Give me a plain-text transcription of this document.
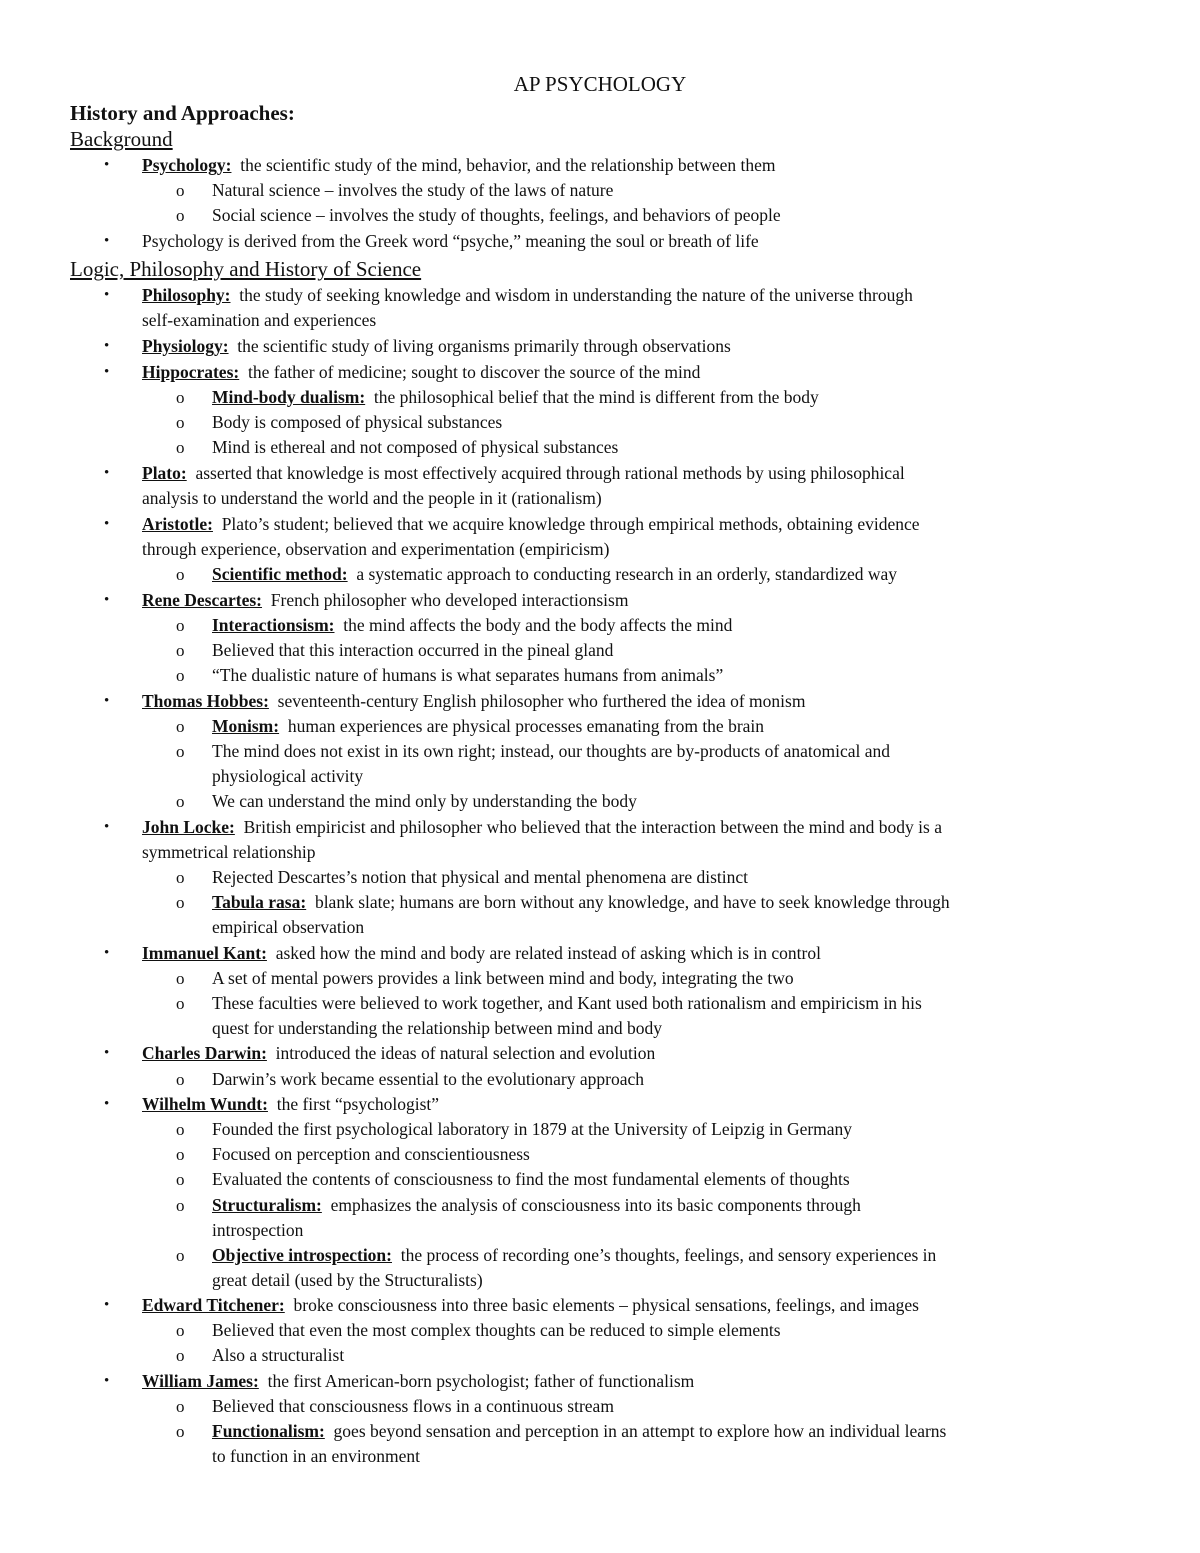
AP PSYCHOLOGY
History and Approaches:
Background
Logic, Philosophy and History of Science
• Psychology: the scientific study of the mind, behavior, and the relationship between them
o Natural science – involves the study of the laws of nature
o Social science – involves the study of thoughts, feelings, and behaviors of people
• Psychology is derived from the Greek word “psyche,” meaning the soul or breath of life
• Philosophy: the study of seeking knowledge and wisdom in understanding the nature of the universe through
self-examination and experiences
• Physiology: the scientific study of living organisms primarily through observations
• Hippocrates: the father of medicine; sought to discover the source of the mind
o Mind-body dualism: the philosophical belief that the mind is different from the body
o Body is composed of physical substances
o Mind is ethereal and not composed of physical substances
• Plato: asserted that knowledge is most effectively acquired through rational methods by using philosophical
analysis to understand the world and the people in it (rationalism)
• Aristotle: Plato’s student; believed that we acquire knowledge through empirical methods, obtaining evidence
through experience, observation and experimentation (empiricism)
o Scientific method: a systematic approach to conducting research in an orderly, standardized way
• Rene Descartes: French philosopher who developed interactionsism
o Interactionsism: the mind affects the body and the body affects the mind
o Believed that this interaction occurred in the pineal gland
o “The dualistic nature of humans is what separates humans from animals”
• Thomas Hobbes: seventeenth-century English philosopher who furthered the idea of monism
o Monism: human experiences are physical processes emanating from the brain
o The mind does not exist in its own right; instead, our thoughts are by-products of anatomical and
physiological activity
o We can understand the mind only by understanding the body
• John Locke: British empiricist and philosopher who believed that the interaction between the mind and body is a
symmetrical relationship
o Rejected Descartes’s notion that physical and mental phenomena are distinct
o Tabula rasa: blank slate; humans are born without any knowledge, and have to seek knowledge through
empirical observation
• Immanuel Kant: asked how the mind and body are related instead of asking which is in control
o A set of mental powers provides a link between mind and body, integrating the two
o These faculties were believed to work together, and Kant used both rationalism and empiricism in his
quest for understanding the relationship between mind and body
• Charles Darwin: introduced the ideas of natural selection and evolution
o Darwin’s work became essential to the evolutionary approach
• Wilhelm Wundt: the first “psychologist”
o Founded the first psychological laboratory in 1879 at the University of Leipzig in Germany
o Focused on perception and conscientiousness
o Evaluated the contents of consciousness to find the most fundamental elements of thoughts
o Structuralism: emphasizes the analysis of consciousness into its basic components through
introspection
o Objective introspection: the process of recording one’s thoughts, feelings, and sensory experiences in
great detail (used by the Structuralists)
• Edward Titchener: broke consciousness into three basic elements – physical sensations, feelings, and images
o Believed that even the most complex thoughts can be reduced to simple elements
o Also a structuralist
• William James: the first American-born psychologist; father of functionalism
o Believed that consciousness flows in a continuous stream
o Functionalism: goes beyond sensation and perception in an attempt to explore how an individual learns
to function in an environment
